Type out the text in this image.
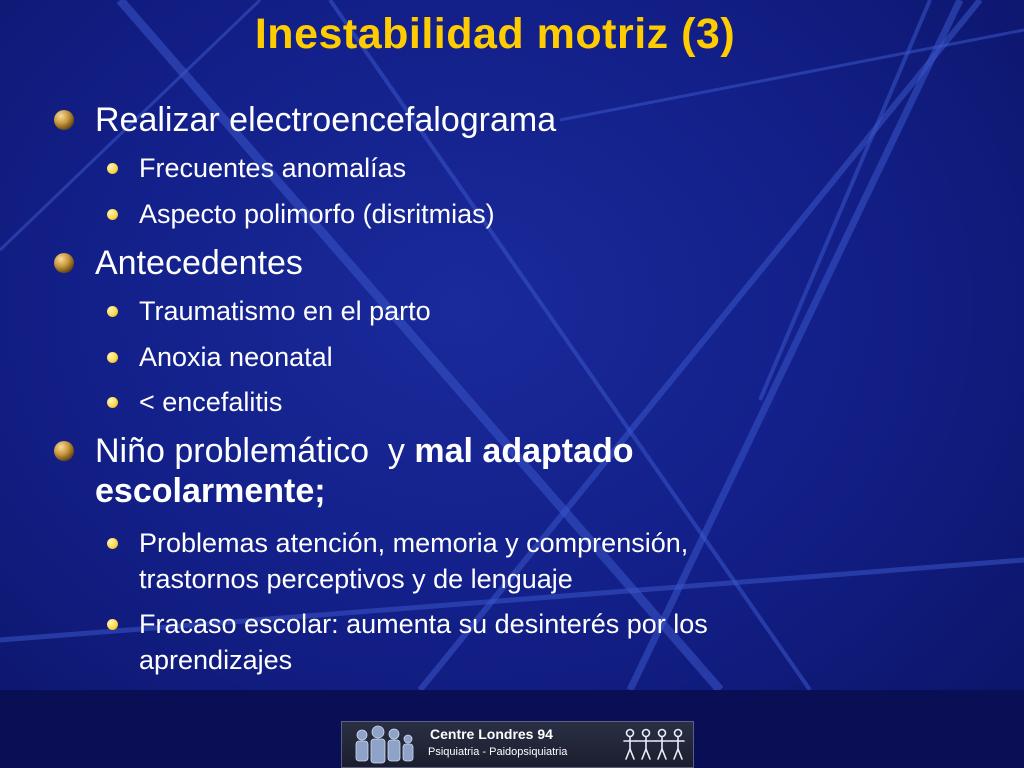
Inestabilidad motriz (3)
Realizar electroencefalograma
Frecuentes anomalías
Aspecto polimorfo (disritmias)
Antecedentes
Traumatismo en el parto
Anoxia neonatal
< encefalitis
Niño problemático  y mal adaptado
escolarmente;
Problemas atención, memoria y comprensión,
trastornos perceptivos y de lenguaje
Fracaso escolar: aumenta su desinterés por los
aprendizajes
Centre Londres 94
Psiquiatria - Paidopsiquiatria
